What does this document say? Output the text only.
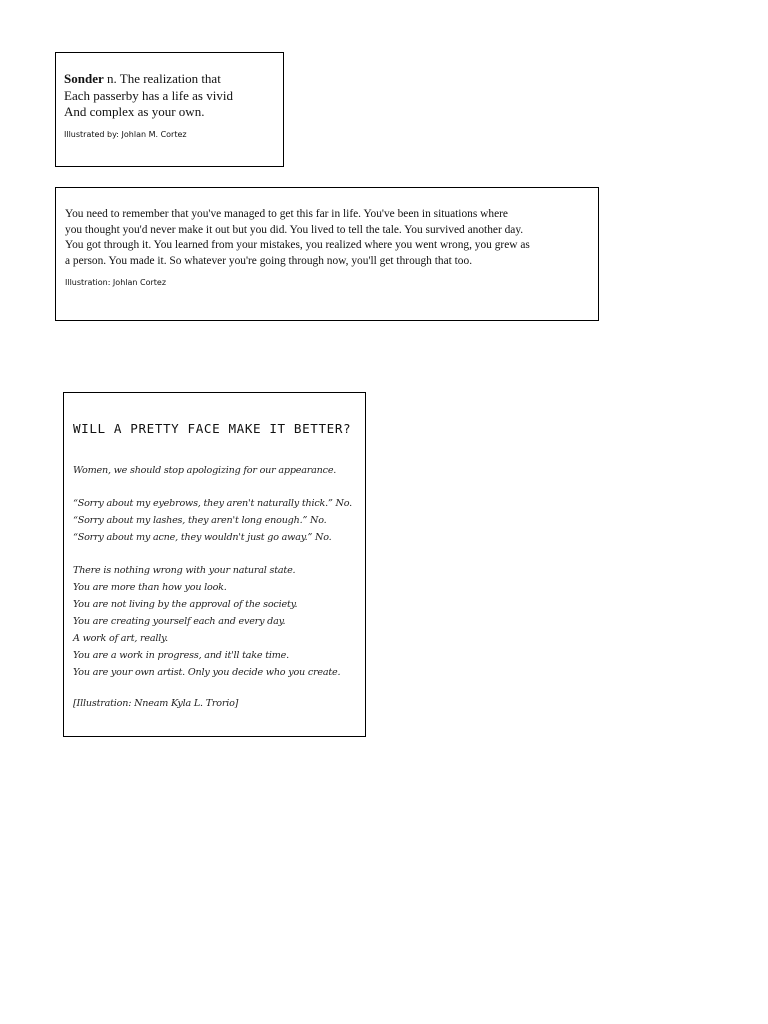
Sonder n. The realization that
Each passerby has a life as vivid
And complex as your own.
Illustrated by: Johlan M. Cortez
You need to remember that you've managed to get this far in life. You've been in situations where
you thought you'd never make it out but you did. You lived to tell the tale. You survived another day.
You got through it. You learned from your mistakes, you realized where you went wrong, you grew as
a person. You made it. So whatever you're going through now, you'll get through that too.
Illustration: Johlan Cortez
WILL A PRETTY FACE MAKE IT BETTER?
Women, we should stop apologizing for our appearance.
“Sorry about my eyebrows, they aren't naturally thick.” No.
“Sorry about my lashes, they aren't long enough.” No.
“Sorry about my acne, they wouldn't just go away.” No.
There is nothing wrong with your natural state.
You are more than how you look.
You are not living by the approval of the society.
You are creating yourself each and every day.
A work of art, really.
You are a work in progress, and it'll take time.
You are your own artist. Only you decide who you create.
[Illustration: Nneam Kyla L. Trorio]
